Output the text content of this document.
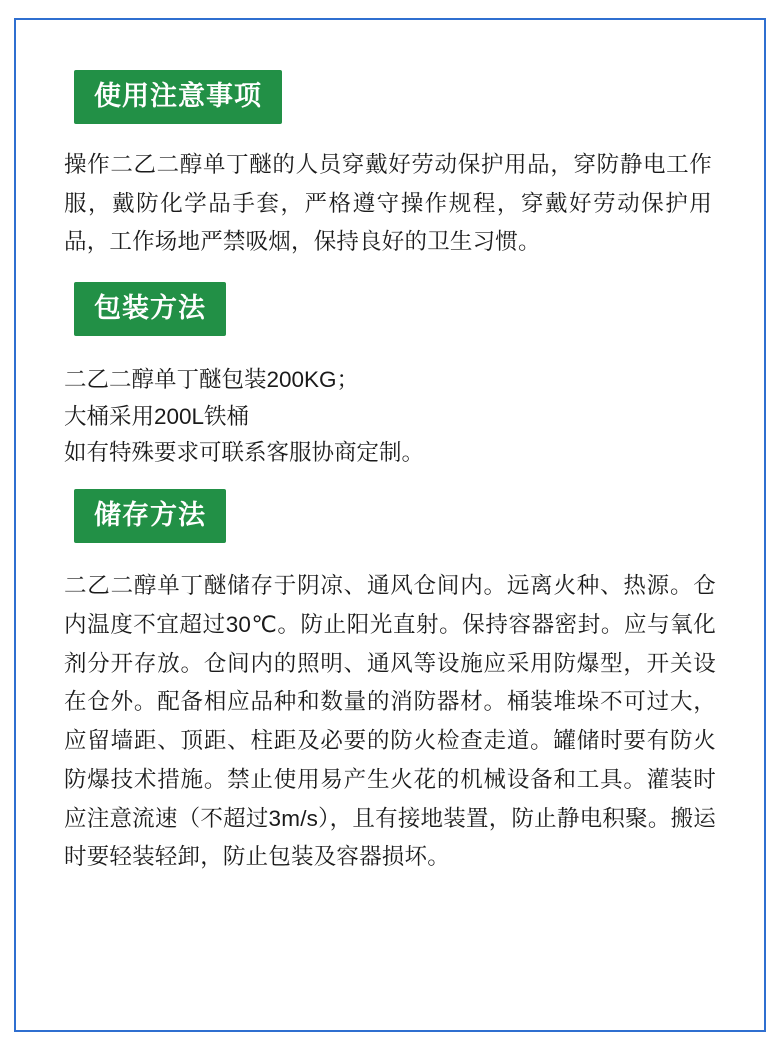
使用注意事项

操作二乙二醇单丁醚的人员穿戴好劳动保护用品，穿防静电工作服，戴防化学品手套，严格遵守操作规程，穿戴好劳动保护用品，工作场地严禁吸烟，保持良好的卫生习惯。

包装方法
二乙二醇单丁醚包装200KG；
大桶采用200L铁桶
如有特殊要求可联系客服协商定制。
储存方法

二乙二醇单丁醚储存于阴凉、通风仓间内。远离火种、热源。仓内温度不宜超过30℃。防止阳光直射。保持容器密封。应与氧化剂分开存放。仓间内的照明、通风等设施应采用防爆型，开关设在仓外。配备相应品种和数量的消防器材。桶装堆垛不可过大，应留墙距、顶距、柱距及必要的防火检查走道。罐储时要有防火防爆技术措施。禁止使用易产生火花的机械设备和工具。灌装时应注意流速（不超过3m/s），且有接地装置，防止静电积聚。搬运时要轻装轻卸，防止包装及容器损坏。
